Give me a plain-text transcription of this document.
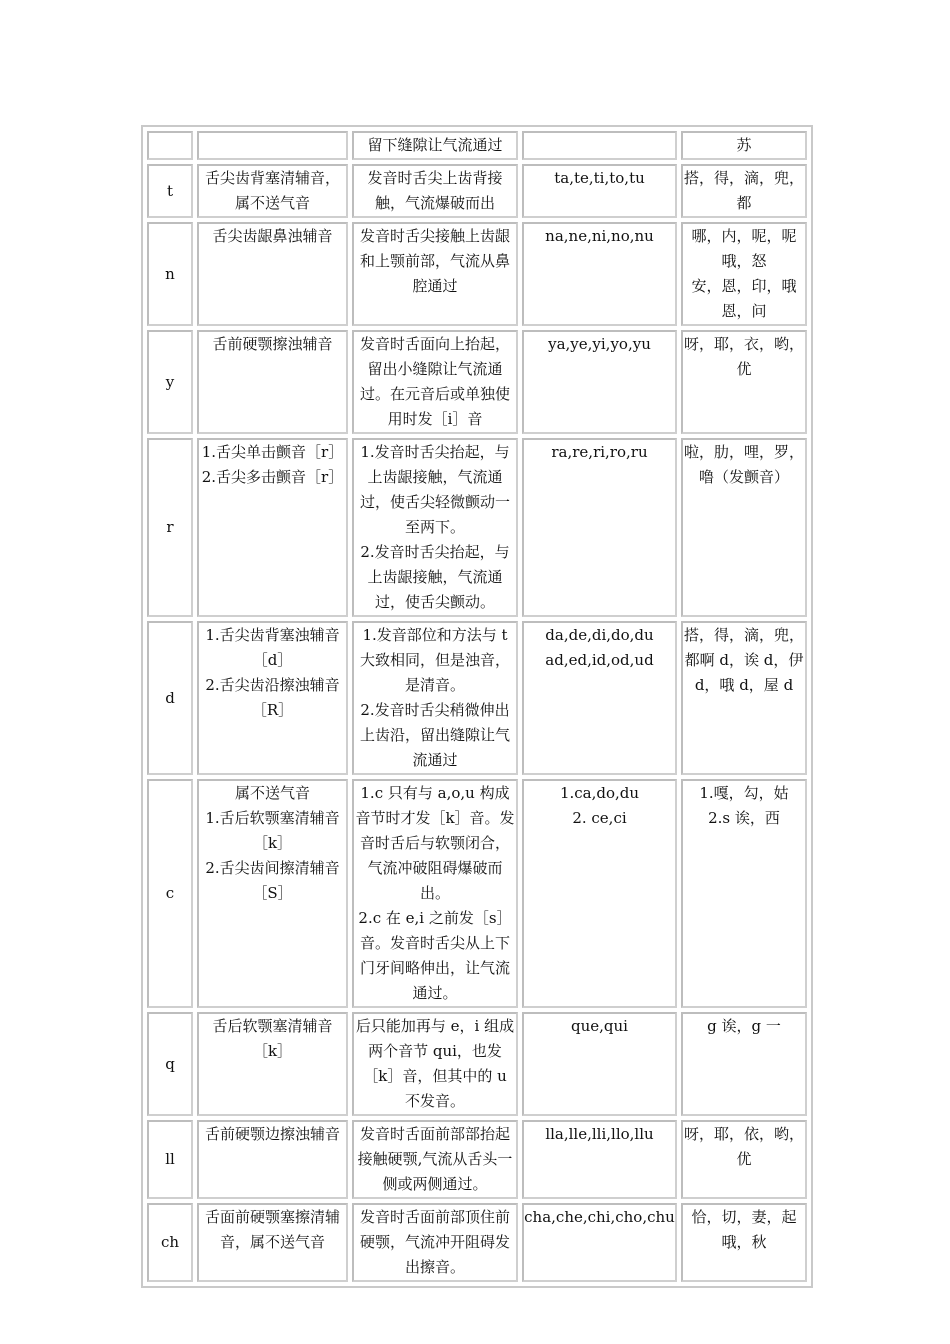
		留下缝隙让气流通过		苏
t	舌尖齿背塞清辅音，属不送气音	发音时舌尖上齿背接触，气流爆破而出	ta,te,ti,to,tu	搭，得，滴，兜，都

n	舌尖齿龈鼻浊辅音	发音时舌尖接触上齿龈和上颚前部，气流从鼻腔通过	na,ne,ni,no,nu	哪，内，呢，呢哦，怒
安，恩，印，哦恩，问

y	舌前硬颚擦浊辅音	发音时舌面向上抬起，留出小缝隙让气流通过。在元音后或单独使用时发［i］音	ya,ye,yi,yo,yu	呀，耶，衣，哟，优

r	1.舌尖单击颤音［r］2.舌尖多击颤音［r］	1.发音时舌尖抬起，与上齿龈接触，气流通过，使舌尖轻微颤动一至两下。
2.发音时舌尖抬起，与上齿龈接触，气流通过，使舌尖颤动。	ra,re,ri,ro,ru	啦，肋，哩，罗，噜（发颤音）

d	1.舌尖齿背塞浊辅音［d］
2.舌尖齿沿擦浊辅音［R］	1.发音部位和方法与 t 大致相同，但是浊音，是清音。
2.发音时舌尖稍微伸出上齿沿，留出缝隙让气流通过	da,de,di,do,du
ad,ed,id,od,ud	搭，得，滴，兜，都啊 d，诶 d，伊 d，哦 d，屋 d

c	属不送气音
1.舌后软颚塞清辅音［k］
2.舌尖齿间擦清辅音［S］	1.c 只有与 a,o,u 构成音节时才发［k］音。发音时舌后与软颚闭合，气流冲破阻碍爆破而出。
2.c 在 e,i 之前发［s］音。发音时舌尖从上下门牙间略伸出，让气流通过。	1.ca,do,du
2. ce,ci	1.嘎，勾，姑
2.s 诶，西

q	舌后软颚塞清辅音［k］	后只能加再与 e，i 组成两个音节 qui，也发［k］音，但其中的 u 不发音。	que,qui	g 诶，g 一

ll	舌前硬颚边擦浊辅音	发音时舌面前部部抬起接触硬颚,气流从舌头一侧或两侧通过。	lla,lle,lli,llo,llu	呀，耶，依，哟，优

ch	舌面前硬颚塞擦清辅音，属不送气音	发音时舌面前部顶住前硬颚，气流冲开阻碍发出擦音。	cha,che,chi,cho,chu	恰，切，妻，起哦，秋
